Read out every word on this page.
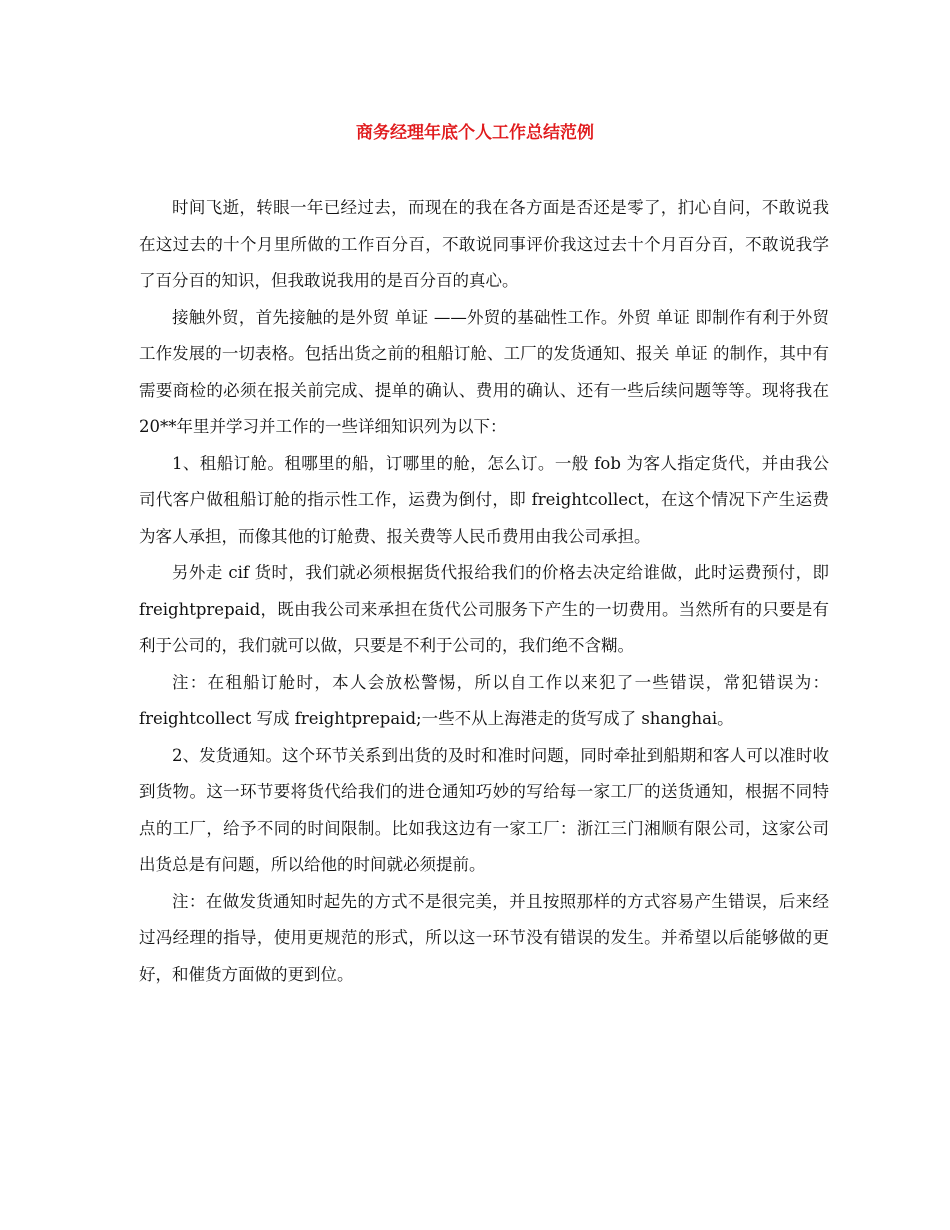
商务经理年底个人工作总结范例

时间飞逝，转眼一年已经过去，而现在的我在各方面是否还是零了，扪心自问，不敢说我在这过去的十个月里所做的工作百分百，不敢说同事评价我这过去十个月百分百，不敢说我学了百分百的知识，但我敢说我用的是百分百的真心。

接触外贸，首先接触的是外贸 单证 ——外贸的基础性工作。外贸 单证 即制作有利于外贸工作发展的一切表格。包括出货之前的租船订舱、工厂的发货通知、报关 单证 的制作，其中有需要商检的必须在报关前完成、提单的确认、费用的确认、还有一些后续问题等等。现将我在20**年里并学习并工作的一些详细知识列为以下：

1、租船订舱。租哪里的船，订哪里的舱，怎么订。一般 fob 为客人指定货代，并由我公司代客户做租船订舱的指示性工作，运费为倒付，即 freightcollect，在这个情况下产生运费为客人承担，而像其他的订舱费、报关费等人民币费用由我公司承担。

另外走 cif 货时，我们就必须根据货代报给我们的价格去决定给谁做，此时运费预付，即 freightprepaid，既由我公司来承担在货代公司服务下产生的一切费用。当然所有的只要是有利于公司的，我们就可以做，只要是不利于公司的，我们绝不含糊。

注：在租船订舱时，本人会放松警惕，所以自工作以来犯了一些错误，常犯错误为：freightcollect 写成 freightprepaid;一些不从上海港走的货写成了 shanghai。

2、发货通知。这个环节关系到出货的及时和准时问题，同时牵扯到船期和客人可以准时收到货物。这一环节要将货代给我们的进仓通知巧妙的写给每一家工厂的送货通知，根据不同特点的工厂，给予不同的时间限制。比如我这边有一家工厂：浙江三门湘顺有限公司，这家公司出货总是有问题，所以给他的时间就必须提前。

注：在做发货通知时起先的方式不是很完美，并且按照那样的方式容易产生错误，后来经过冯经理的指导，使用更规范的形式，所以这一环节没有错误的发生。并希望以后能够做的更好，和催货方面做的更到位。
